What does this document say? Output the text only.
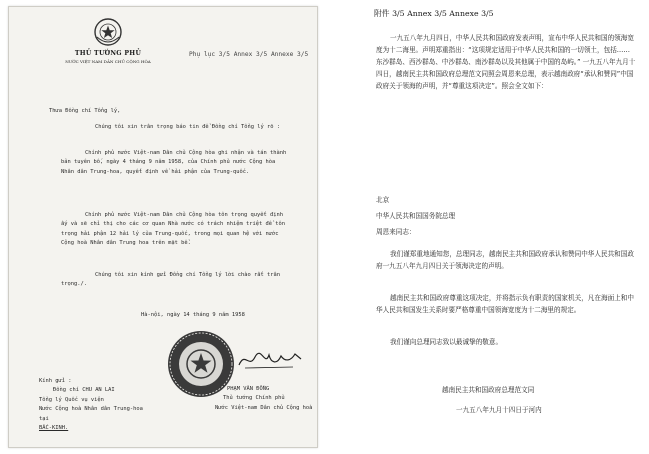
THỦ TƯỚNG PHỦ
NƯỚC VIỆT NAM DÂN CHỦ CỘNG HÒA
Phụ lục 3/5 Annex 3/5 Annexe 3/5
Thưa Đồng chí Tổng lý,
Chúng tôi xin trân trọng báo tin để Đồng chí Tổng lý rõ :
Chính phủ nước Việt-nam Dân chủ Cộng hòa ghi nhận và tán thành bản tuyên bố, ngày 4 tháng 9 năm 1958, của Chính phủ nước Cộng hòa Nhân dân Trung-hoa, quyết định về hải phận của Trung-quốc.
Chính phủ nước Việt-nam Dân chủ Cộng hòa tôn trọng quyết định ấy và sẽ chỉ thị cho các cơ quan Nhà nước có trách nhiệm triệt để tôn trọng hải phận 12 hải lý của Trung-quốc, trong mọi quan hệ với nước Cộng hoà Nhân dân Trung hoa trên mặt bể.
Chúng tôi xin kính gửi Đồng chí Tổng lý lời chào rất trân trọng./.
Hà-nội, ngày 14 tháng 9 năm 1958
Kính gửi :
Đồng chí CHU AN LAI
Tổng lý Quốc vụ viện
Nước Cộng hoà Nhân dân Trung-hoa
tại
BẮC-KINH.
PHẠM VĂN ĐỒNG
Thủ tướng Chính phủ
Nước Việt-nam Dân chủ Cộng hoà
附件 3/5 Annex 3/5 Annexe 3/5
一九五八年九月四日，中华人民共和国政府发表声明，宣布中华人民共和国的领海宽度为十二海里。声明郑重指出：“这项规定适用于中华人民共和国的一切领土，包括……东沙群岛、西沙群岛、中沙群岛、南沙群岛以及其他属于中国的岛屿。” 一九五八年九月十四日，越南民主共和国政府总理范文同照会周恩来总理，表示越南政府“承认和赞同”中国政府关于领海的声明，并“尊重这项决定”。照会全文如下：
北京
中华人民共和国国务院总理
周恩来同志：
我们谨郑重地通知您，总理同志，越南民主共和国政府承认和赞同中华人民共和国政府一九五八年九月四日关于领海决定的声明。
越南民主共和国政府尊重这项决定，并将指示负有职责的国家机关，凡在海面上和中华人民共和国发生关系时要严格尊重中国领海宽度为十二海里的规定。
我们谨向总理同志致以最诚挚的敬意。
越南民主共和国政府总理范文同
一九五八年九月十四日于河内
